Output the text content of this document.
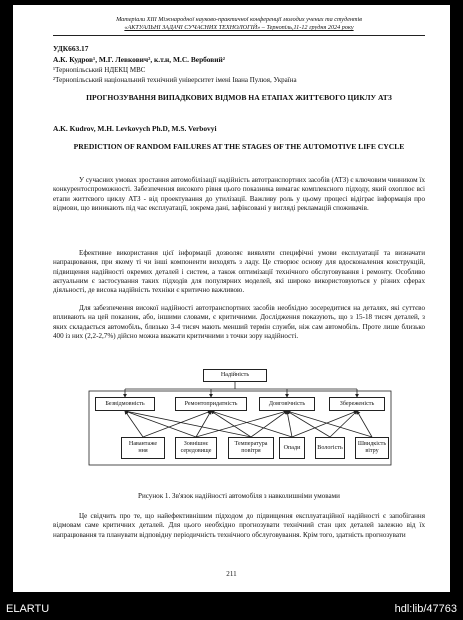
Матеріали XIII Міжнародної науково-практичної конференції молодих учених та студентів
«АКТУАЛЬНІ ЗАДАЧІ СУЧАСНИХ ТЕХНОЛОГІЙ» – Тернопіль,11-12 грудня 2024 року
УДК663.17
А.К. Кудров¹, М.Г. Левкович², к.т.н, М.С. Вербовий²
¹Тернопільський НДЕКЦ МВС
²Тернопільський національний технічний університет імені Івана Пулюя, Україна
ПРОГНОЗУВАННЯ ВИПАДКОВИХ ВІДМОВ НА ЕТАПАХ ЖИТТЄВОГО ЦИКЛУ АТЗ
A.K. Kudrov, M.H. Levkovych Ph.D, M.S. Verbovyi
PREDICTION OF RANDOM FAILURES AT THE STAGES OF THE AUTOMOTIVE LIFE CYCLE

У сучасних умовах зростання автомобілізації надійність автотранспортних засобів (АТЗ) є ключовим чинником їх конкурентоспроможності. Забезпечення високого рівня цього показника вимагає комплексного підходу, який охоплює всі етапи життєвого циклу АТЗ - від проектування до утилізації. Важливу роль у цьому процесі відіграє інформація про відмови, що виникають під час експлуатації, зокрема дані, зафіксовані у вигляді рекламацій споживачів.

Ефективне використання цієї інформації дозволяє виявляти специфічні умови експлуатації та визначати напрацювання, при якому ті чи інші компоненти виходять з ладу. Це створює основу для вдосконалення конструкцій, підвищення надійності окремих деталей і систем, а також оптимізації технічного обслуговування і ремонту. Особливо актуальним є застосування таких підходів для популярних моделей, які широко використовуються у різних сферах діяльності, де висока надійність техніки є критично важливою.

Для забезпечення високої надійності автотранспортних засобів необхідно зосередитися на деталях, які суттєво впливають на цей показник, або, іншими словами, є критичними. Дослідження показують, що з 15-18 тисяч деталей, з яких складається автомобіль, близько 3-4 тисяч мають менший термін служби, ніж сам автомобіль. Проте лише близько 400 із них (2,2-2,7%) дійсно можна вважати критичними з точки зору надійності.

Надійність
Безвідмовність	Ремонтопридатність	Довговічність	Збереженість
Навантаже
ння
Зовнішнє
середовище
Температура
повітря
Опади	Вологість
Швидкість
вітру
Рисунок 1. Зв'язок надійності автомобіля з навколишніми умовами

Це свідчить про те, що найефективнішим підходом до підвищення експлуатаційної надійності є запобігання відмовам саме критичних деталей. Для цього необхідно прогнозувати технічний стан цих деталей залежно від їх напрацювання та планувати відповідну періодичність технічного обслуговування. Крім того, здатність прогнозувати

211
ELARTU	hdl:lib/47763
